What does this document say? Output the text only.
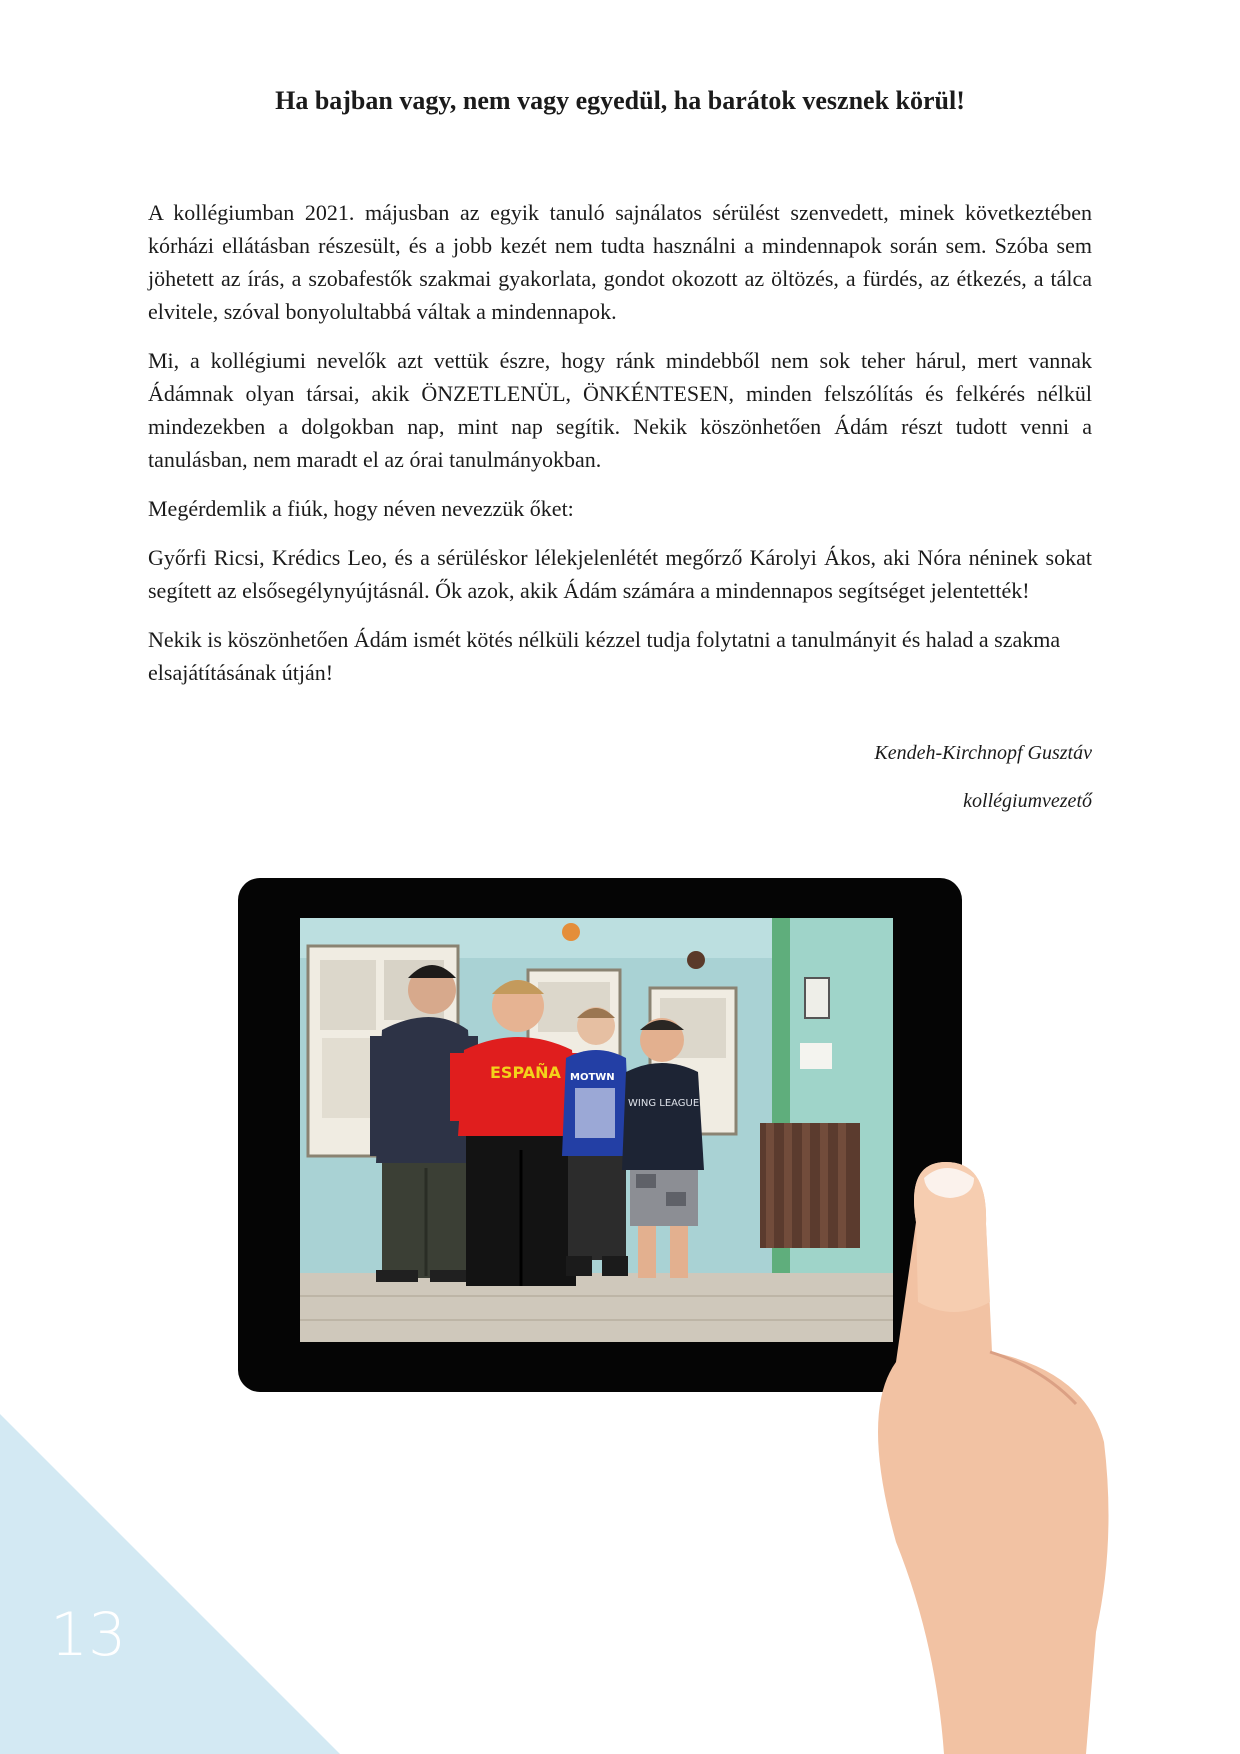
Ha bajban vagy, nem vagy egyedül, ha barátok vesznek körül!

A kollégiumban 2021. májusban az egyik tanuló sajnálatos sérülést szenvedett, minek következtében kórházi ellátásban részesült, és a jobb kezét nem tudta használni a mindennapok során sem. Szóba sem jöhetett az írás, a szobafestők szakmai gyakorlata, gondot okozott az öltözés, a fürdés, az étkezés, a tálca elvitele, szóval bonyolultabbá váltak a mindennapok.

Mi, a kollégiumi nevelők azt vettük észre, hogy ránk mindebből nem sok teher hárul, mert vannak Ádámnak olyan társai, akik ÖNZETLENÜL, ÖNKÉNTESEN, minden felszólítás és felkérés nélkül mindezekben a dolgokban nap, mint nap segítik. Nekik köszönhetően Ádám részt tudott venni a tanulásban, nem maradt el az órai tanulmányokban.

Megérdemlik a fiúk, hogy néven nevezzük őket:

Győrfi Ricsi, Krédics Leo, és a sérüléskor lélekjelenlétét megőrző Károlyi Ákos, aki Nóra néninek sokat segített az elsősegélynyújtásnál. Ők azok, akik Ádám számára a mindennapos segítséget jelentették!

Nekik is köszönhetően Ádám ismét kötés nélküli kézzel tudja folytatni a tanulmányit és halad a szakma elsajátításának útján!

Kendeh-Kirchnopf Gusztáv

kollégiumvezető

ESPAÑA MOTWN
WING LEAGUE

13
